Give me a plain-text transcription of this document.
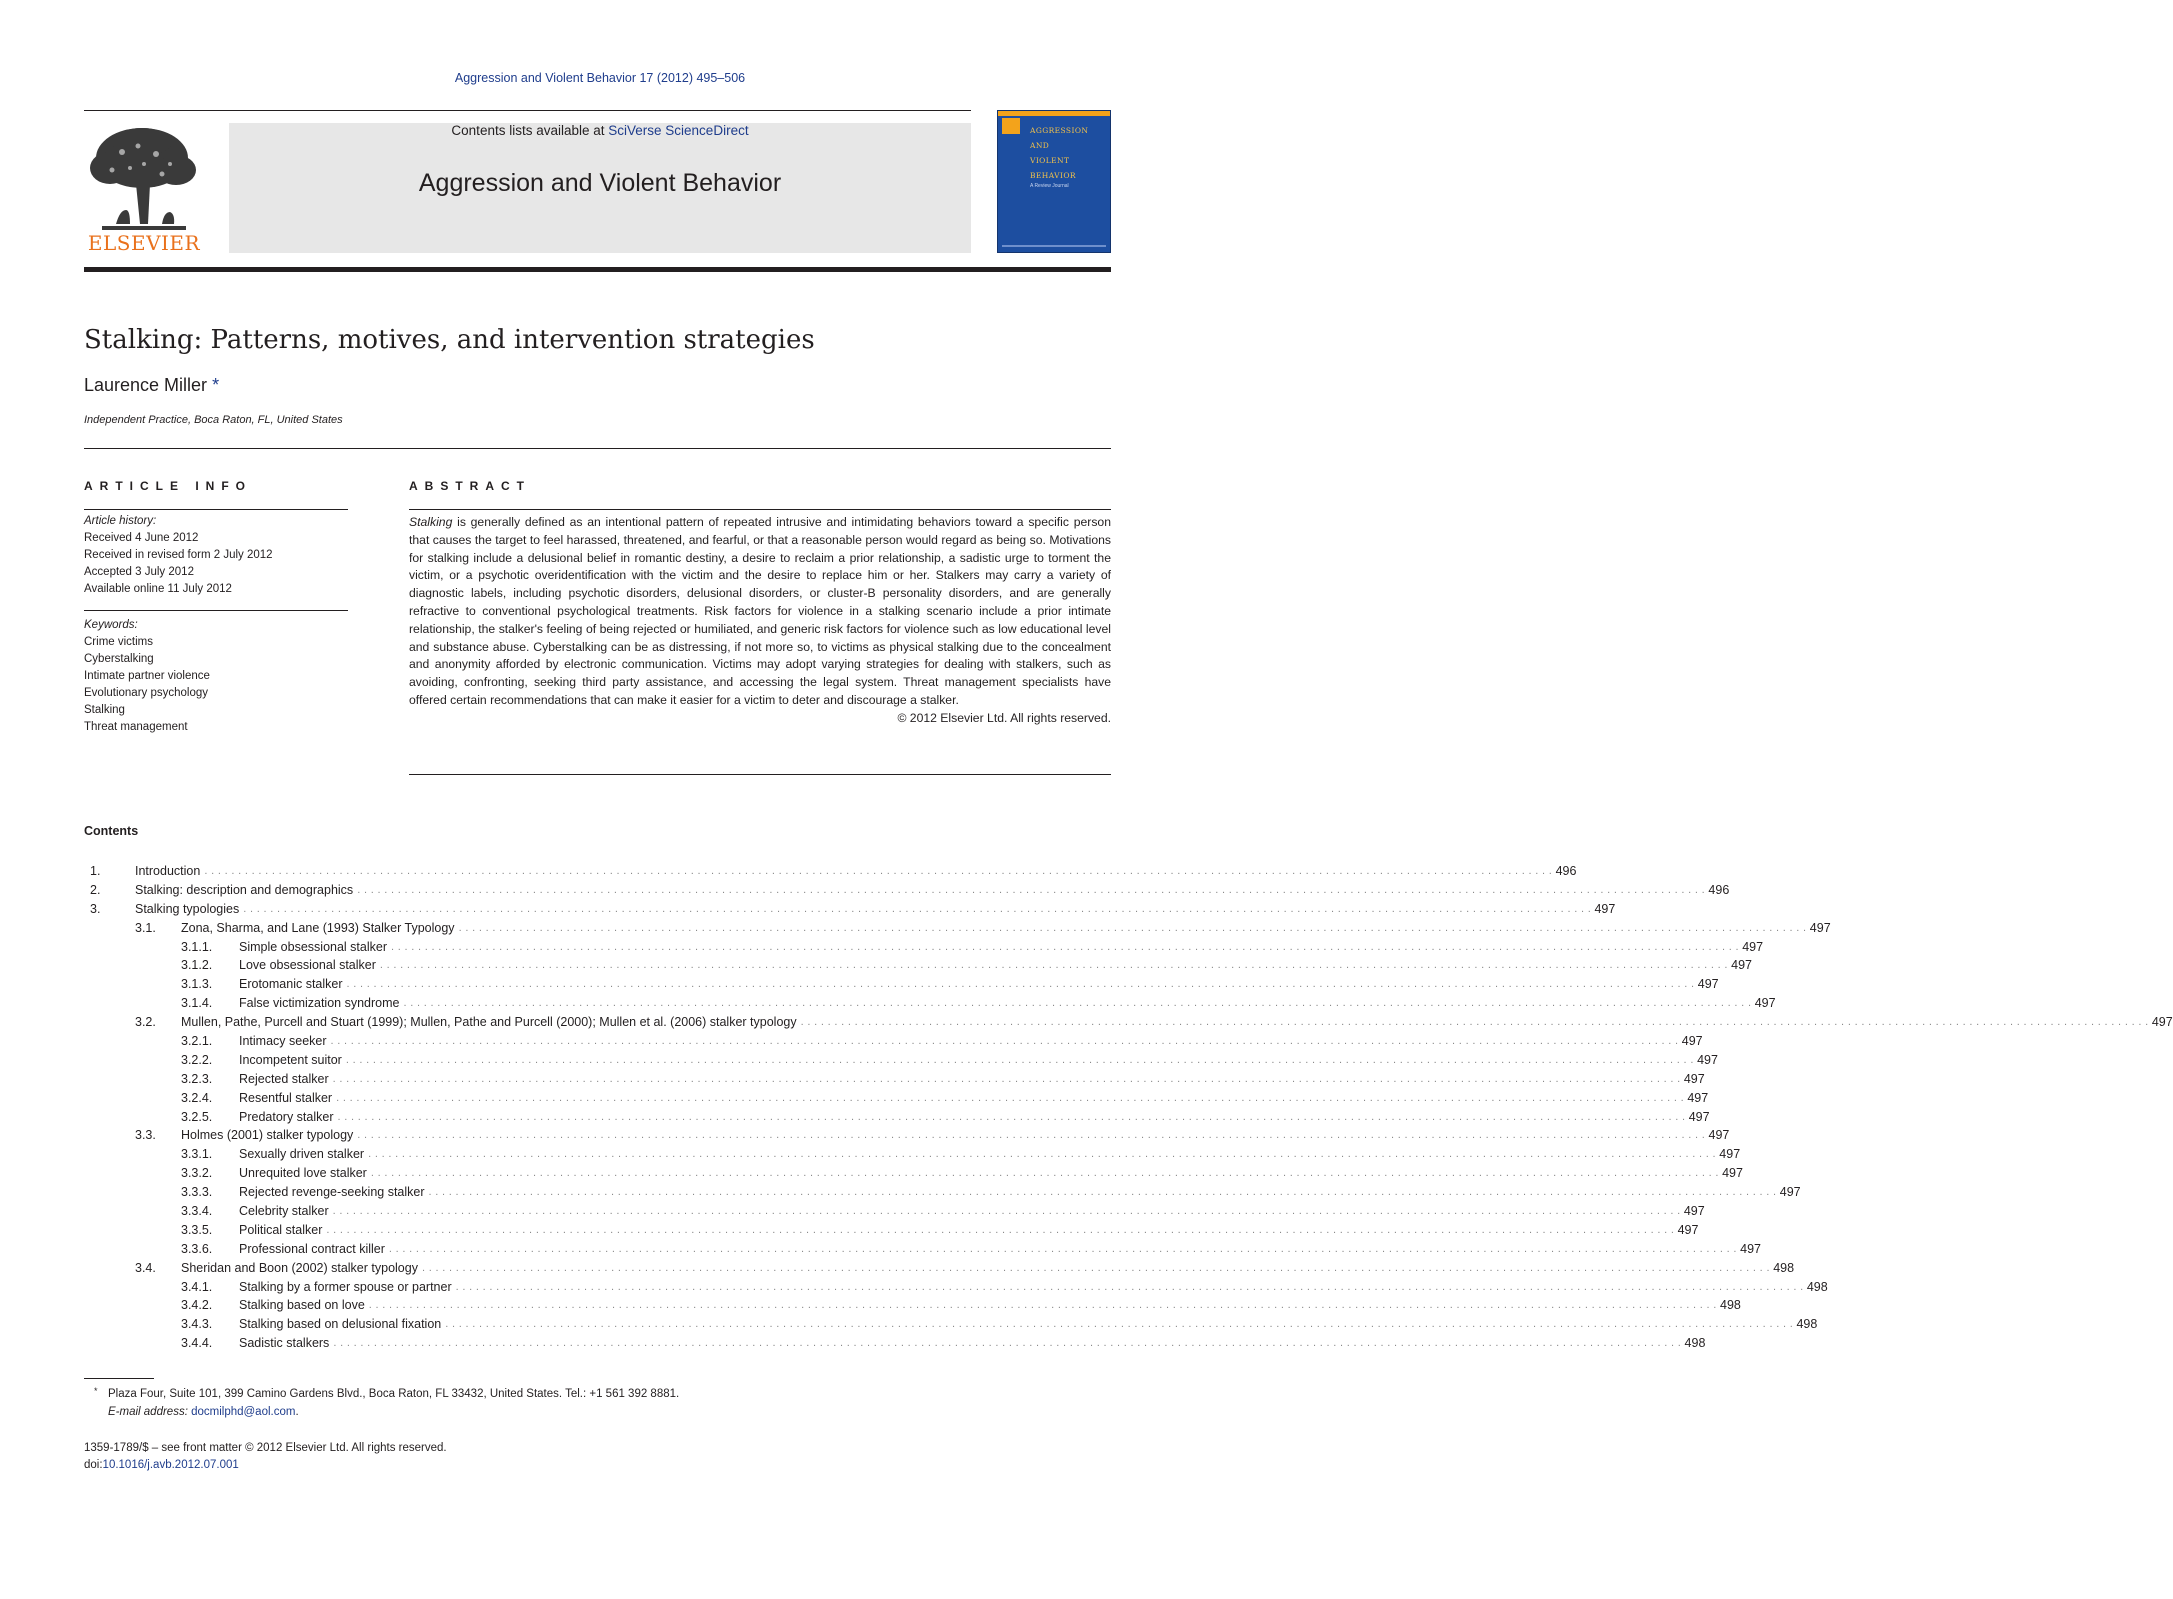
Aggression and Violent Behavior 17 (2012) 495–506
ELSEVIER
Contents lists available at SciVerse ScienceDirect
Aggression and Violent Behavior
AGGRESSION
AND
VIOLENT
BEHAVIOR
A Review Journal
Stalking: Patterns, motives, and intervention strategies
Laurence Miller *
Independent Practice, Boca Raton, FL, United States
ARTICLE INFO
Article history:
Received 4 June 2012
Received in revised form 2 July 2012
Accepted 3 July 2012
Available online 11 July 2012
Keywords:
Crime victims
Cyberstalking
Intimate partner violence
Evolutionary psychology
Stalking
Threat management
ABSTRACT

Stalking is generally defined as an intentional pattern of repeated intrusive and intimidating behaviors toward a specific person that causes the target to feel harassed, threatened, and fearful, or that a reasonable person would regard as being so. Motivations for stalking include a delusional belief in romantic destiny, a desire to reclaim a prior relationship, a sadistic urge to torment the victim, or a psychotic overidentification with the victim and the desire to replace him or her. Stalkers may carry a variety of diagnostic labels, including psychotic disorders, delusional disorders, or cluster-B personality disorders, and are generally refractive to conventional psychological treatments. Risk factors for violence in a stalking scenario include a prior intimate relationship, the stalker's feeling of being rejected or humiliated, and generic risk factors for violence such as low educational level and substance abuse. Cyberstalking can be as distressing, if not more so, to victims as physical stalking due to the concealment and anonymity afforded by electronic communication. Victims may adopt varying strategies for dealing with stalkers, such as avoiding, confronting, seeking third party assistance, and accessing the legal system. Threat management specialists have offered certain recommendations that can make it easier for a victim to deter and discourage a stalker.

© 2012 Elsevier Ltd. All rights reserved.

Contents
1.	Introduction ........................................................................................................................................................................................................ 496
2.	Stalking: description and demographics ........................................................................................................................................................................................................ 496
3.	Stalking typologies ........................................................................................................................................................................................................ 497
3.1. Zona, Sharma, and Lane (1993) Stalker Typology ........................................................................................................................................................................................................ 497
3.1.1. Simple obsessional stalker ........................................................................................................................................................................................................ 497
3.1.2. Love obsessional stalker ........................................................................................................................................................................................................ 497
3.1.3. Erotomanic stalker ........................................................................................................................................................................................................ 497
3.1.4. False victimization syndrome ........................................................................................................................................................................................................ 497
3.2. Mullen, Pathe, Purcell and Stuart (1999); Mullen, Pathe and Purcell (2000); Mullen et al. (2006) stalker typology ........................................................................................................................................................................................................ 497
3.2.1. Intimacy seeker ........................................................................................................................................................................................................ 497
3.2.2. Incompetent suitor ........................................................................................................................................................................................................ 497
3.2.3. Rejected stalker ........................................................................................................................................................................................................ 497
3.2.4. Resentful stalker ........................................................................................................................................................................................................ 497
3.2.5. Predatory stalker ........................................................................................................................................................................................................ 497
3.3. Holmes (2001) stalker typology ........................................................................................................................................................................................................ 497
3.3.1. Sexually driven stalker ........................................................................................................................................................................................................ 497
3.3.2. Unrequited love stalker ........................................................................................................................................................................................................ 497
3.3.3. Rejected revenge-seeking stalker ........................................................................................................................................................................................................ 497
3.3.4. Celebrity stalker ........................................................................................................................................................................................................ 497
3.3.5. Political stalker ........................................................................................................................................................................................................ 497
3.3.6. Professional contract killer ........................................................................................................................................................................................................ 497
3.4. Sheridan and Boon (2002) stalker typology ........................................................................................................................................................................................................ 498
3.4.1. Stalking by a former spouse or partner ........................................................................................................................................................................................................ 498
3.4.2. Stalking based on love ........................................................................................................................................................................................................ 498
3.4.3. Stalking based on delusional fixation ........................................................................................................................................................................................................ 498
3.4.4. Sadistic stalkers ........................................................................................................................................................................................................ 498
* Plaza Four, Suite 101, 399 Camino Gardens Blvd., Boca Raton, FL 33432, United States. Tel.: +1 561 392 8881.
E-mail address: docmilphd@aol.com.
1359-1789/$ – see front matter © 2012 Elsevier Ltd. All rights reserved.
doi:10.1016/j.avb.2012.07.001
